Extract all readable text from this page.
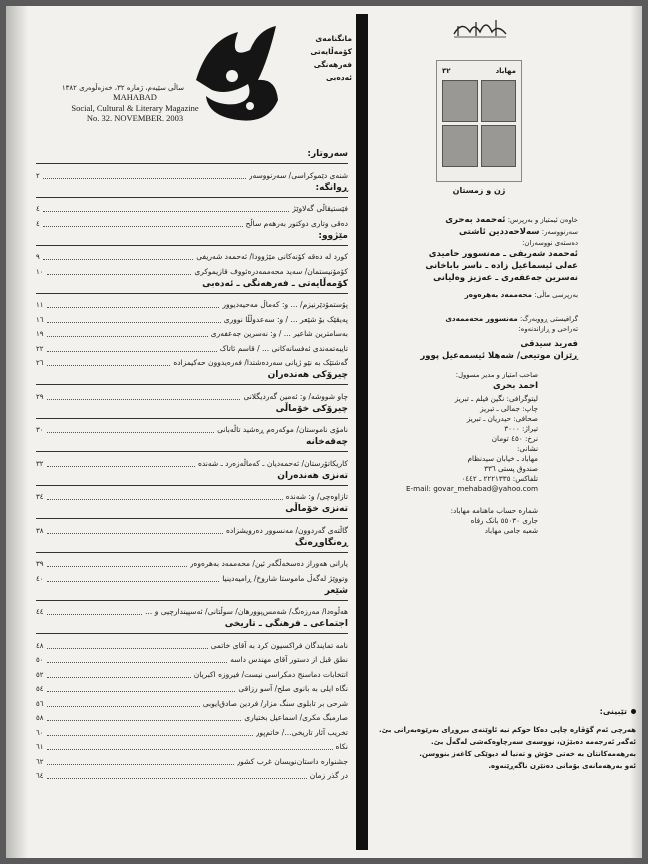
مانگنامەی
کۆمەڵایەتی
فەرهەنگی
ئەدەبی
ساڵی سێیەم، ژمارە ٣٢، خەزەڵوەری ١٣٨٢
MAHABAD
Social, Cultural & Literary Magazine
No. 32. NOVEMBER. 2003
سەروتار:
شنەی دێموکراسی/ سەرنووسەر
٢
ڕوانگە:
فێستیڤاڵی گەلاوێژ
٤
دەقی وتاری دوکتور بەرهەم ساڵح
٤
مێژوو:
کورد لە دەقە کۆنەکانی مێژوودا/ ئەحمەد شەریفی
٩
کۆمۆنیستمان/ سەید محەممەدرەئووف قازیموکری
١٠
کۆمەڵایەتی ـ فەرهەنگی ـ ئەدەبی
پۆستمۆدێرنیزم/ ... و: کەماڵ مەحیەدیوور
١١
پەیڤێک بۆ شێعر ... / و: سەعدوڵڵا نووری
١٦
بەسامترین شاعیر ... / و: نەسرین جەعفەری
١٩
تایبەتمەندی ئەفسانەکانی ... / قاسم ئاتاک
٢٢
گەشتێک بە نێو ژیانی سەردەشتدا/ فەرەیدوون حەکیمزادە
٢٦
چیرۆکی هەندەران
چاو شووشە/ و: ئەمین گەردیگلانی
٢٩
چیرۆکی خۆماڵی
نامۆی ناموستان/ موکەرەم ڕەشید تاڵەبانی
٣٠
چەقەخانە
کاریکاتۆرستان/ ئەحمەدیان ـ کەماڵەزەرد ـ شەندە
٣٢
تەنزی هەندەران
تازاوەچی/ و: شەندە
٣٤
تەنزی خۆماڵی
گاڵتەی گەردوون/ مەنسوور دەرویشزادە
٣٨
ڕەنگاوڕەنگ
یارانی هەوراز دەسخەڵگەر ئین/ محەممەد بەهرەوەر
٣٩
وتووێژ لەگەڵ ماموستا شاروخ/ ڕامیەدینیا
٤٠
شێعر
هەڵوەدا/ مەرزەنگ/ شەمس‌پوورهان/ سوڵتانی/ ئەسپیندارچیی و ...
٤٤
اجتماعی ـ فرهنگی ـ تاریخی
نامە تمایندگان فراکسیون کرد بە آقای خاتمی
٤٨
نطق قبل از دستور آقای مهندس داسە
٥٠
انتخابات دماسنج دمکراسی نیست/ فیروزه اکبریان
٥٢
نگاه ایلی بە بانوی صلح/ آسو رزاقی
٥٤
شرحی بر تابلوی سنگ مزار/ فردین صادق‌ایوبی
٥٦
صارمبگ مکری/ اسماعیل بختیاری
٥٨
تخریب آثار تاریخی.../ خاتم‌پور
٦٠
نکاه
٦١
جشنواره داستان‌نویسان غرب کشور
٦٢
در گذر زمان
٦٤
مهاباد
٣٢
ژن و زمستان
خاوەن ئیمتیاز و بەرپرس: ئەحمەد بەحری
سەرنووسەر: سەلاحەددین ئاشتی
دەستەی نووسەران:
ئەحمەد شەریفی ـ مەنسوور حامیدی
عەلی ئیسماعیل زادە ـ ناسر باباخانی
نەسرین جەعفەری ـ عەزیز وەلیانی
بەرپرسی ماڵی: محەممەد بەهرەوەر
گرافیستی ڕووبەرگ: مەنسوور محەممەدی
تەراحی و ڕازاندنەوە:
فەرید سیدقی
ڕێزان موتیعی/ شەهلا ئیسمەعیل پوور
صاحب امتیاز و مدیر مسوول:
احمد بحری
لیتوگرافی: نگین فیلم ـ تبریز
چاپ: جمالی ـ تبریز
صحافی: حیدریان ـ تبریز
تیراژ: ٣٠٠٠
نرخ: ٤٥٠ تومان
نشانی:
مهاباد ـ خیابان سیدنظام
صندوق پستی ٣٣٦
تلفاکس: ٢٢٢١٣٣٥ ـ ٠٤٤٢
E-mail: govar_mehabad@yahoo.com
شمارە حساب ماهنامە مهاباد:
جاری ٥٥٠٣٠ بانک رفاه
شعبە جامی مهاباد
تێبینی:
هەرچی ئەم گۆڤارە چاپی دەکا حوکم نیە ئاوێنەی بیروڕای بەرێوەبەرانی بێ.
ئەگەر ئەرجەمە دەبێژن، نووسەی سەرچاوەکەشی لەگەڵ بێ.
بەرهەمەکانتان بە خەتی خۆش و تەنیا لە دیوێکی کاغەز بنووسن.
ئەو بەرهەمانەی بۆمانی دەنێرن ناگەڕێنەوە.
